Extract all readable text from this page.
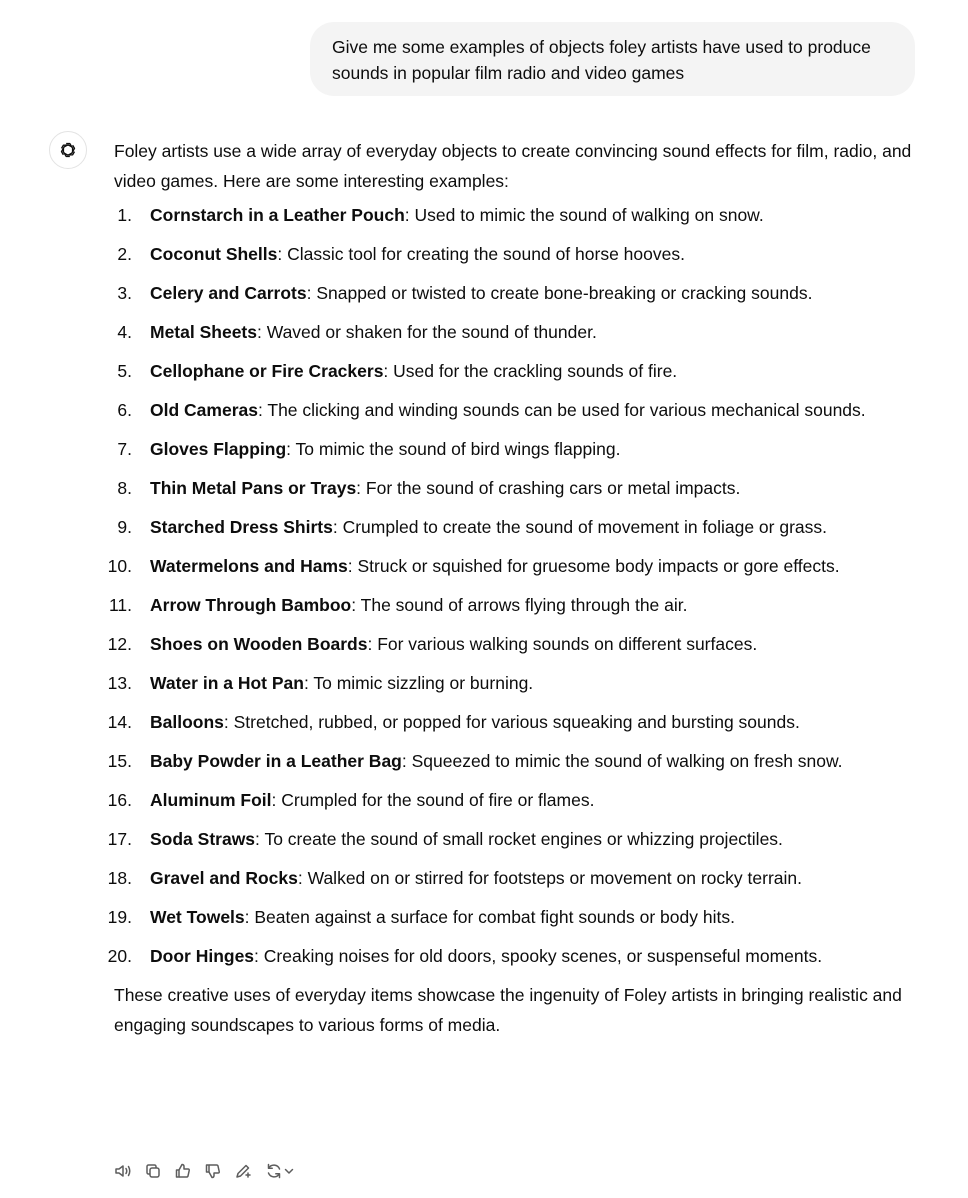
Give me some examples of objects foley artists have used to produce sounds in popular film radio and video games

Foley artists use a wide array of everyday objects to create convincing sound effects for film, radio, and video games. Here are some interesting examples:

1. Cornstarch in a Leather Pouch: Used to mimic the sound of walking on snow.
2. Coconut Shells: Classic tool for creating the sound of horse hooves.
3. Celery and Carrots: Snapped or twisted to create bone-breaking or cracking sounds.
4. Metal Sheets: Waved or shaken for the sound of thunder.
5. Cellophane or Fire Crackers: Used for the crackling sounds of fire.
6. Old Cameras: The clicking and winding sounds can be used for various mechanical sounds.
7. Gloves Flapping: To mimic the sound of bird wings flapping.
8. Thin Metal Pans or Trays: For the sound of crashing cars or metal impacts.
9. Starched Dress Shirts: Crumpled to create the sound of movement in foliage or grass.
10. Watermelons and Hams: Struck or squished for gruesome body impacts or gore effects.
11. Arrow Through Bamboo: The sound of arrows flying through the air.
12. Shoes on Wooden Boards: For various walking sounds on different surfaces.
13. Water in a Hot Pan: To mimic sizzling or burning.
14. Balloons: Stretched, rubbed, or popped for various squeaking and bursting sounds.
15. Baby Powder in a Leather Bag: Squeezed to mimic the sound of walking on fresh snow.
16. Aluminum Foil: Crumpled for the sound of fire or flames.
17. Soda Straws: To create the sound of small rocket engines or whizzing projectiles.
18. Gravel and Rocks: Walked on or stirred for footsteps or movement on rocky terrain.
19. Wet Towels: Beaten against a surface for combat fight sounds or body hits.
20. Door Hinges: Creaking noises for old doors, spooky scenes, or suspenseful moments.

These creative uses of everyday items showcase the ingenuity of Foley artists in bringing realistic and engaging soundscapes to various forms of media.
